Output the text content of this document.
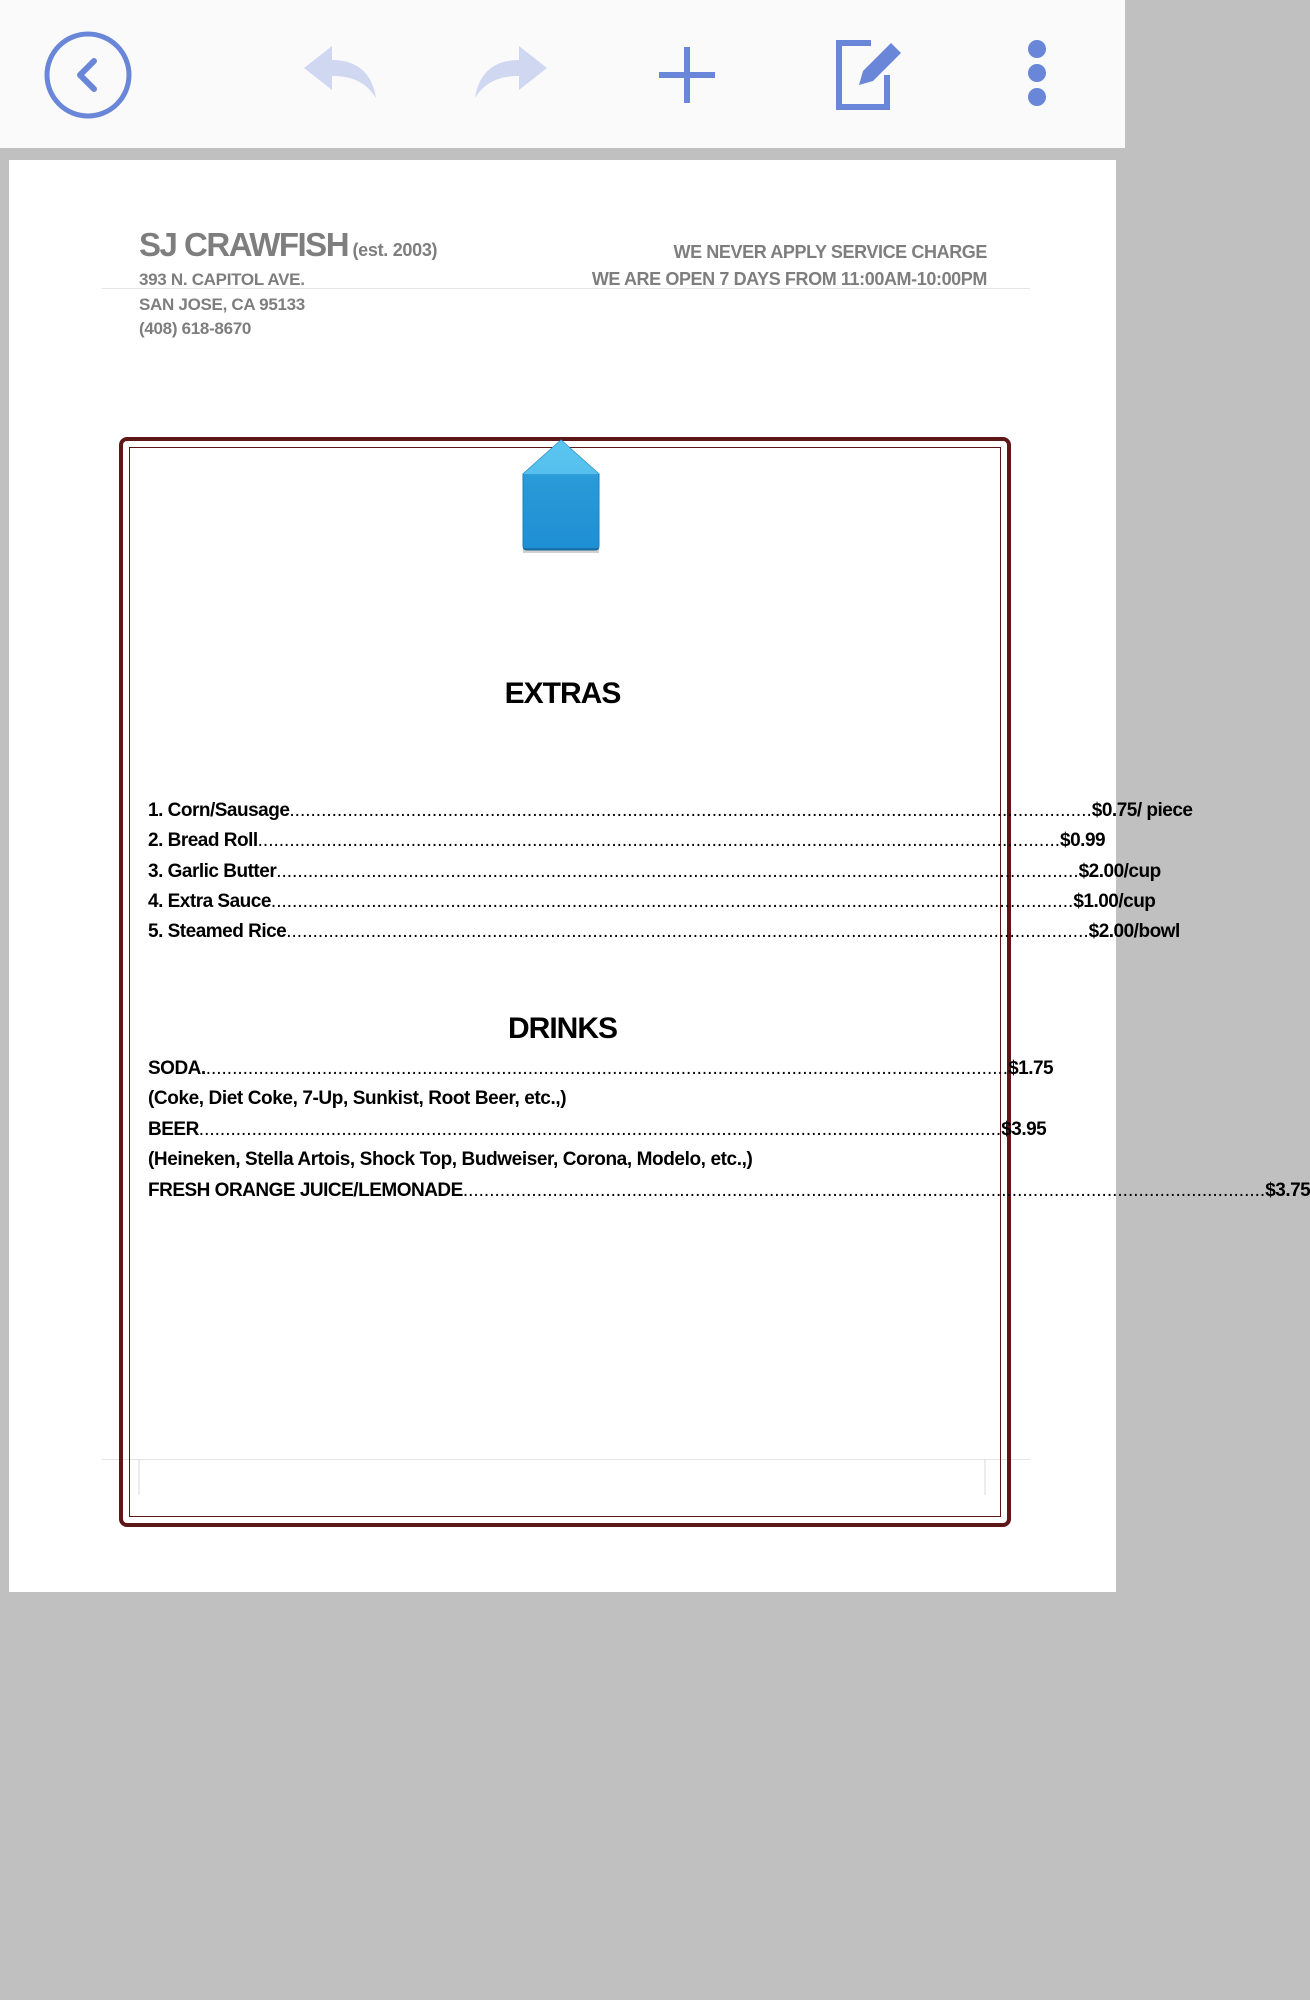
SJ CRAWFISH (est. 2003)
393 N. CAPITOL AVE.
SAN JOSE, CA 95133
(408) 618-8670
WE NEVER APPLY SERVICE CHARGE
WE ARE OPEN 7 DAYS FROM 11:00AM-10:00PM
EXTRAS
1. Corn/Sausage ........................................................................................................................................................ $0.75/ piece
2. Bread Roll ........................................................................................................................................................ $0.99
3. Garlic Butter ........................................................................................................................................................ $2.00/cup
4. Extra Sauce ........................................................................................................................................................ $1.00/cup
5. Steamed Rice ........................................................................................................................................................ $2.00/bowl
DRINKS
SODA. ........................................................................................................................................................ $1.75
(Coke, Diet Coke, 7-Up, Sunkist, Root Beer, etc.,)
BEER ........................................................................................................................................................ $3.95
(Heineken, Stella Artois, Shock Top, Budweiser, Corona, Modelo, etc.,)
FRESH ORANGE JUICE/LEMONADE ........................................................................................................................................................ $3.75
